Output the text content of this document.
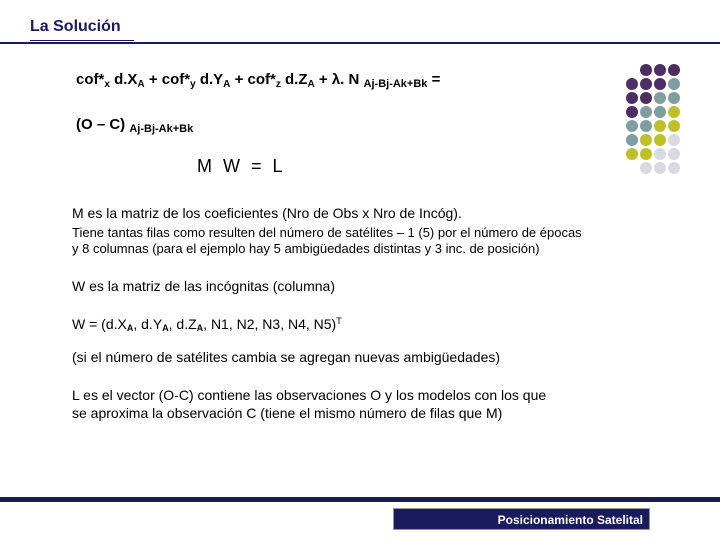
La Solución
$cof*_x$ $d.X_A + cof*_y$ $d.Y_A + cof*_z$ $d.Z_A + \lambda$. N $_{Aj-Bj-Ak+Bk}$ =
(O – C) $_{Aj-Bj-Ak+Bk}$
M W = L
M es la matriz de los coeficientes (Nro de Obs x Nro de Incóg).
Tiene tantas filas como resulten del número de satélites – 1 (5) por el número de épocas
y 8 columnas (para el ejemplo hay 5 ambigüedades distintas y 3 inc. de posición)
W es la matriz de las incógnitas (columna)
$W = (d.X_A$, $d.Y_A$, $d.Z_A$, N1, N2, N3, N4, N5)$^T$
(si el número de satélites cambia se agregan nuevas ambigüedades)
L es el vector (O-C) contiene las observaciones O y los modelos con los que
se aproxima la observación C (tiene el mismo número de filas que M)
Posicionamiento Satelital
